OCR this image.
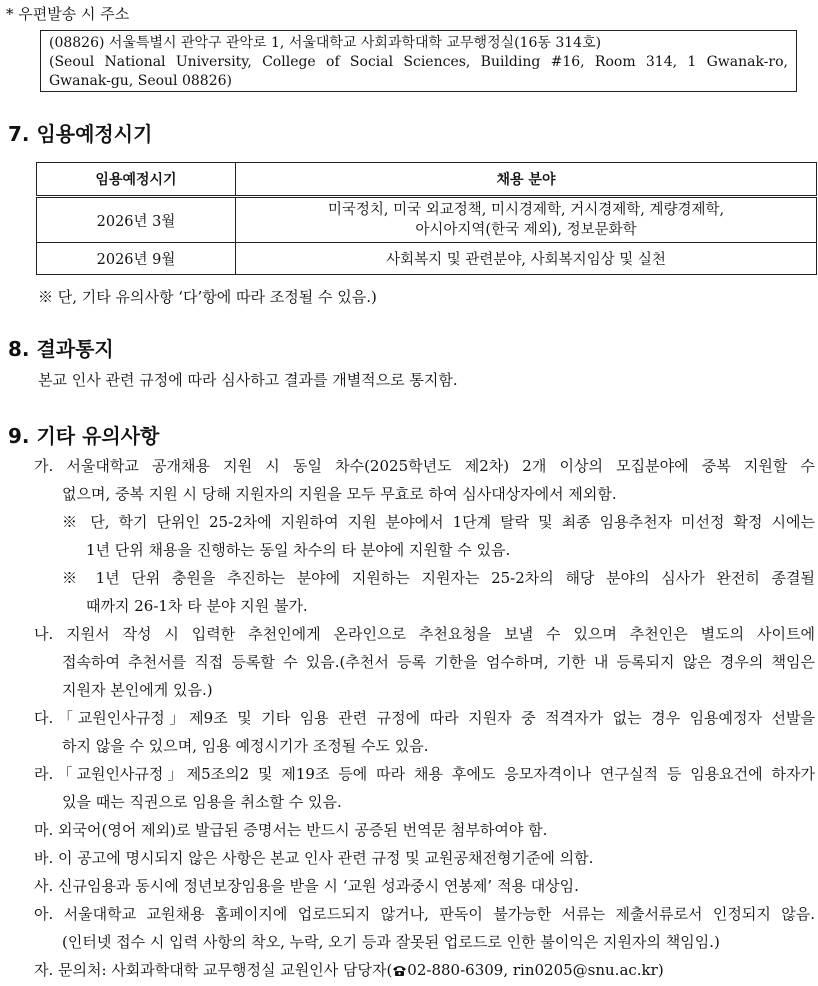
* 우편발송 시 주소
(08826) 서울특별시 관악구 관악로 1, 서울대학교 사회과학대학 교무행정실(16동 314호)
(Seoul National University, College of Social Sciences, Building #16, Room 314, 1 Gwanak-ro,
Gwanak-gu, Seoul 08826)
7. 임용예정시기
임용예정시기	채용 분야
2026년 3월	미국정치, 미국 외교정책, 미시경제학, 거시경제학, 계량경제학,
아시아지역(한국 제외), 정보문화학

2026년 9월	사회복지 및 관련분야, 사회복지임상 및 실천
※ 단, 기타 유의사항 ‘다’항에 따라 조정될 수 있음.)
8. 결과통지
본교 인사 관련 규정에 따라 심사하고 결과를 개별적으로 통지함.
9. 기타 유의사항
가. 서울대학교 공개채용 지원 시 동일 차수(2025학년도 제2차) 2개 이상의 모집분야에 중복 지원할 수
없으며, 중복 지원 시 당해 지원자의 지원을 모두 무효로 하여 심사대상자에서 제외함.
※ 단, 학기 단위인 25-2차에 지원하여 지원 분야에서 1단계 탈락 및 최종 임용추천자 미선정 확정 시에는
1년 단위 채용을 진행하는 동일 차수의 타 분야에 지원할 수 있음.
※ 1년 단위 충원을 추진하는 분야에 지원하는 지원자는 25-2차의 해당 분야의 심사가 완전히 종결될
때까지 26-1차 타 분야 지원 불가.
나. 지원서 작성 시 입력한 추천인에게 온라인으로 추천요청을 보낼 수 있으며 추천인은 별도의 사이트에
접속하여 추천서를 직접 등록할 수 있음.(추천서 등록 기한을 엄수하며, 기한 내 등록되지 않은 경우의 책임은
지원자 본인에게 있음.)
다.「교원인사규정」제9조 및 기타 임용 관련 규정에 따라 지원자 중 적격자가 없는 경우 임용예정자 선발을
하지 않을 수 있으며, 임용 예정시기가 조정될 수도 있음.
라.「교원인사규정」제5조의2 및 제19조 등에 따라 채용 후에도 응모자격이나 연구실적 등 임용요건에 하자가
있을 때는 직권으로 임용을 취소할 수 있음.
마. 외국어(영어 제외)로 발급된 증명서는 반드시 공증된 번역문 첨부하여야 함.
바. 이 공고에 명시되지 않은 사항은 본교 인사 관련 규정 및 교원공채전형기준에 의함.
사. 신규임용과 동시에 정년보장임용을 받을 시 ‘교원 성과중시 연봉제’ 적용 대상임.
아. 서울대학교 교원채용 홈페이지에 업로드되지 않거나, 판독이 불가능한 서류는 제출서류로서 인정되지 않음.
(인터넷 접수 시 입력 사항의 착오, 누락, 오기 등과 잘못된 업로드로 인한 불이익은 지원자의 책임임.)
자. 문의처: 사회과학대학 교무행정실 교원인사 담당자( 02-880-6309, rin0205@snu.ac.kr)
